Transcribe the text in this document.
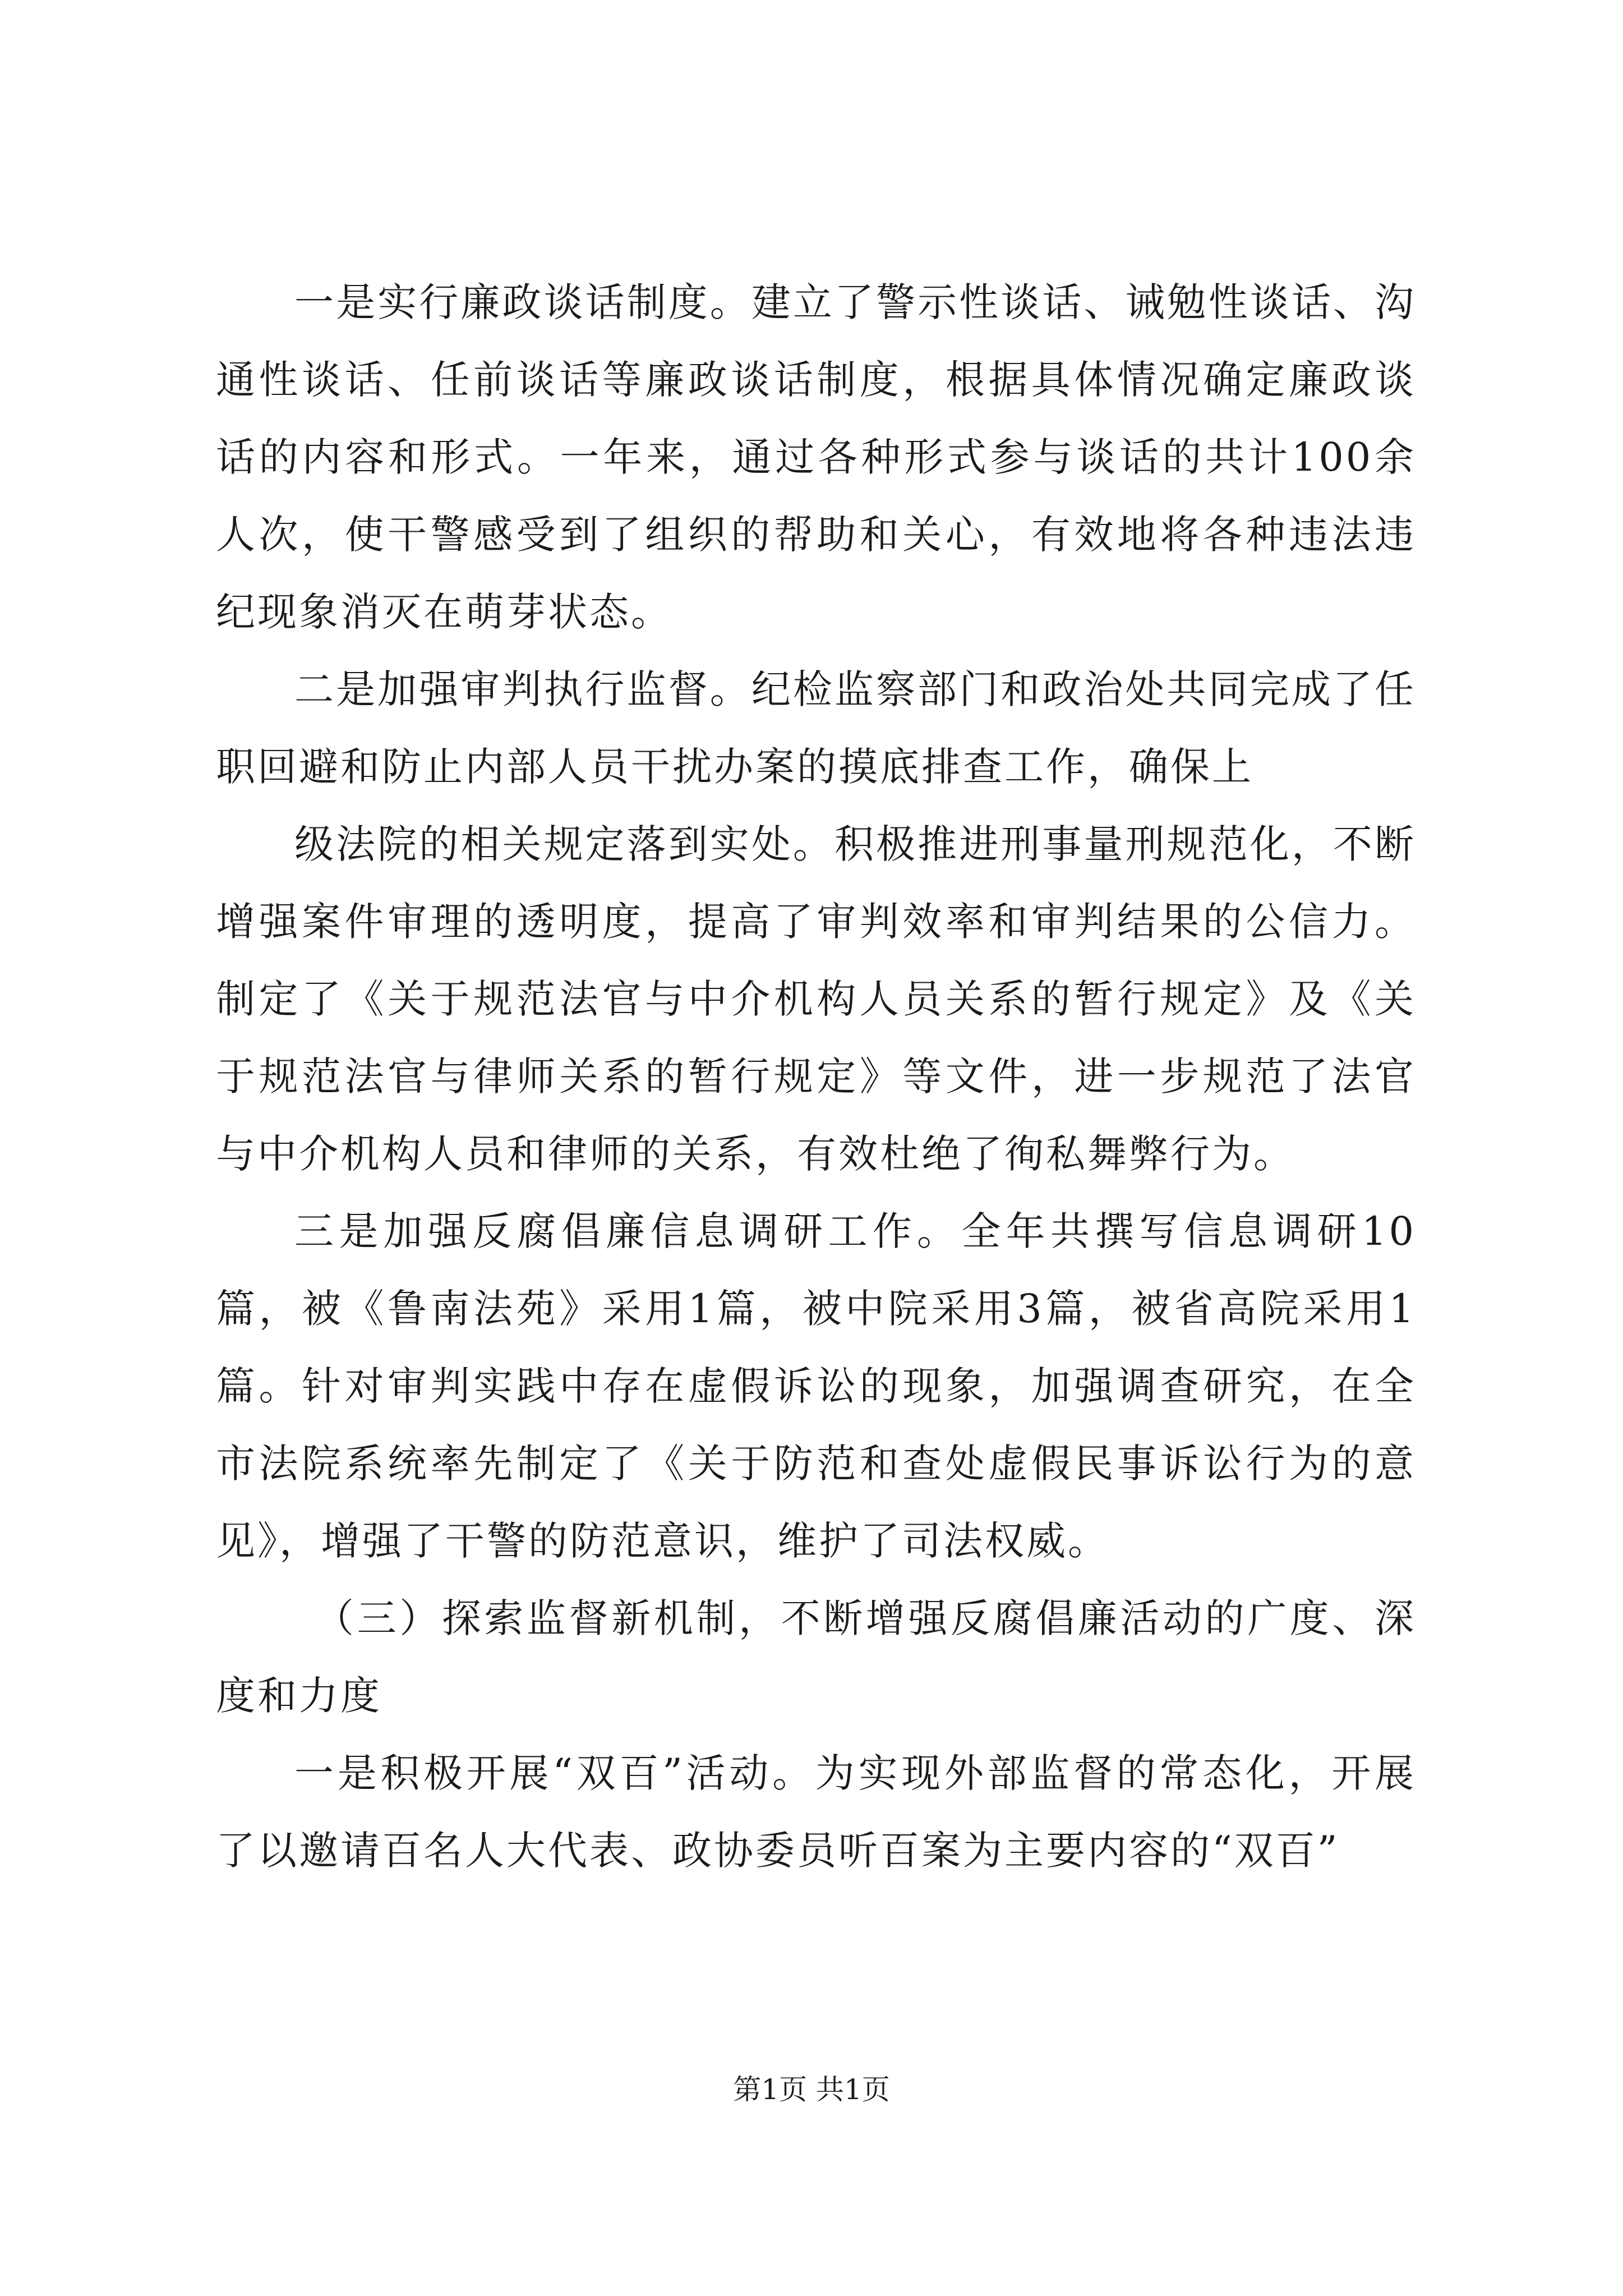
一是实行廉政谈话制度。建立了警示性谈话、诫勉性谈话、沟通性谈话、任前谈话等廉政谈话制度，根据具体情况确定廉政谈话的内容和形式。一年来，通过各种形式参与谈话的共计100余人次，使干警感受到了组织的帮助和关心，有效地将各种违法违纪现象消灭在萌芽状态。

二是加强审判执行监督。纪检监察部门和政治处共同完成了任职回避和防止内部人员干扰办案的摸底排查工作，确保上

级法院的相关规定落到实处。积极推进刑事量刑规范化，不断增强案件审理的透明度，提高了审判效率和审判结果的公信力。制定了《关于规范法官与中介机构人员关系的暂行规定》及《关于规范法官与律师关系的暂行规定》等文件，进一步规范了法官与中介机构人员和律师的关系，有效杜绝了徇私舞弊行为。

三是加强反腐倡廉信息调研工作。全年共撰写信息调研10篇，被《鲁南法苑》采用1篇，被中院采用3篇，被省高院采用1篇。针对审判实践中存在虚假诉讼的现象，加强调查研究，在全市法院系统率先制定了《关于防范和查处虚假民事诉讼行为的意见》，增强了干警的防范意识，维护了司法权威。

（三）探索监督新机制，不断增强反腐倡廉活动的广度、深度和力度

一是积极开展“双百”活动。为实现外部监督的常态化，开展了以邀请百名人大代表、政协委员听百案为主要内容的“双百”

第1页 共1页
